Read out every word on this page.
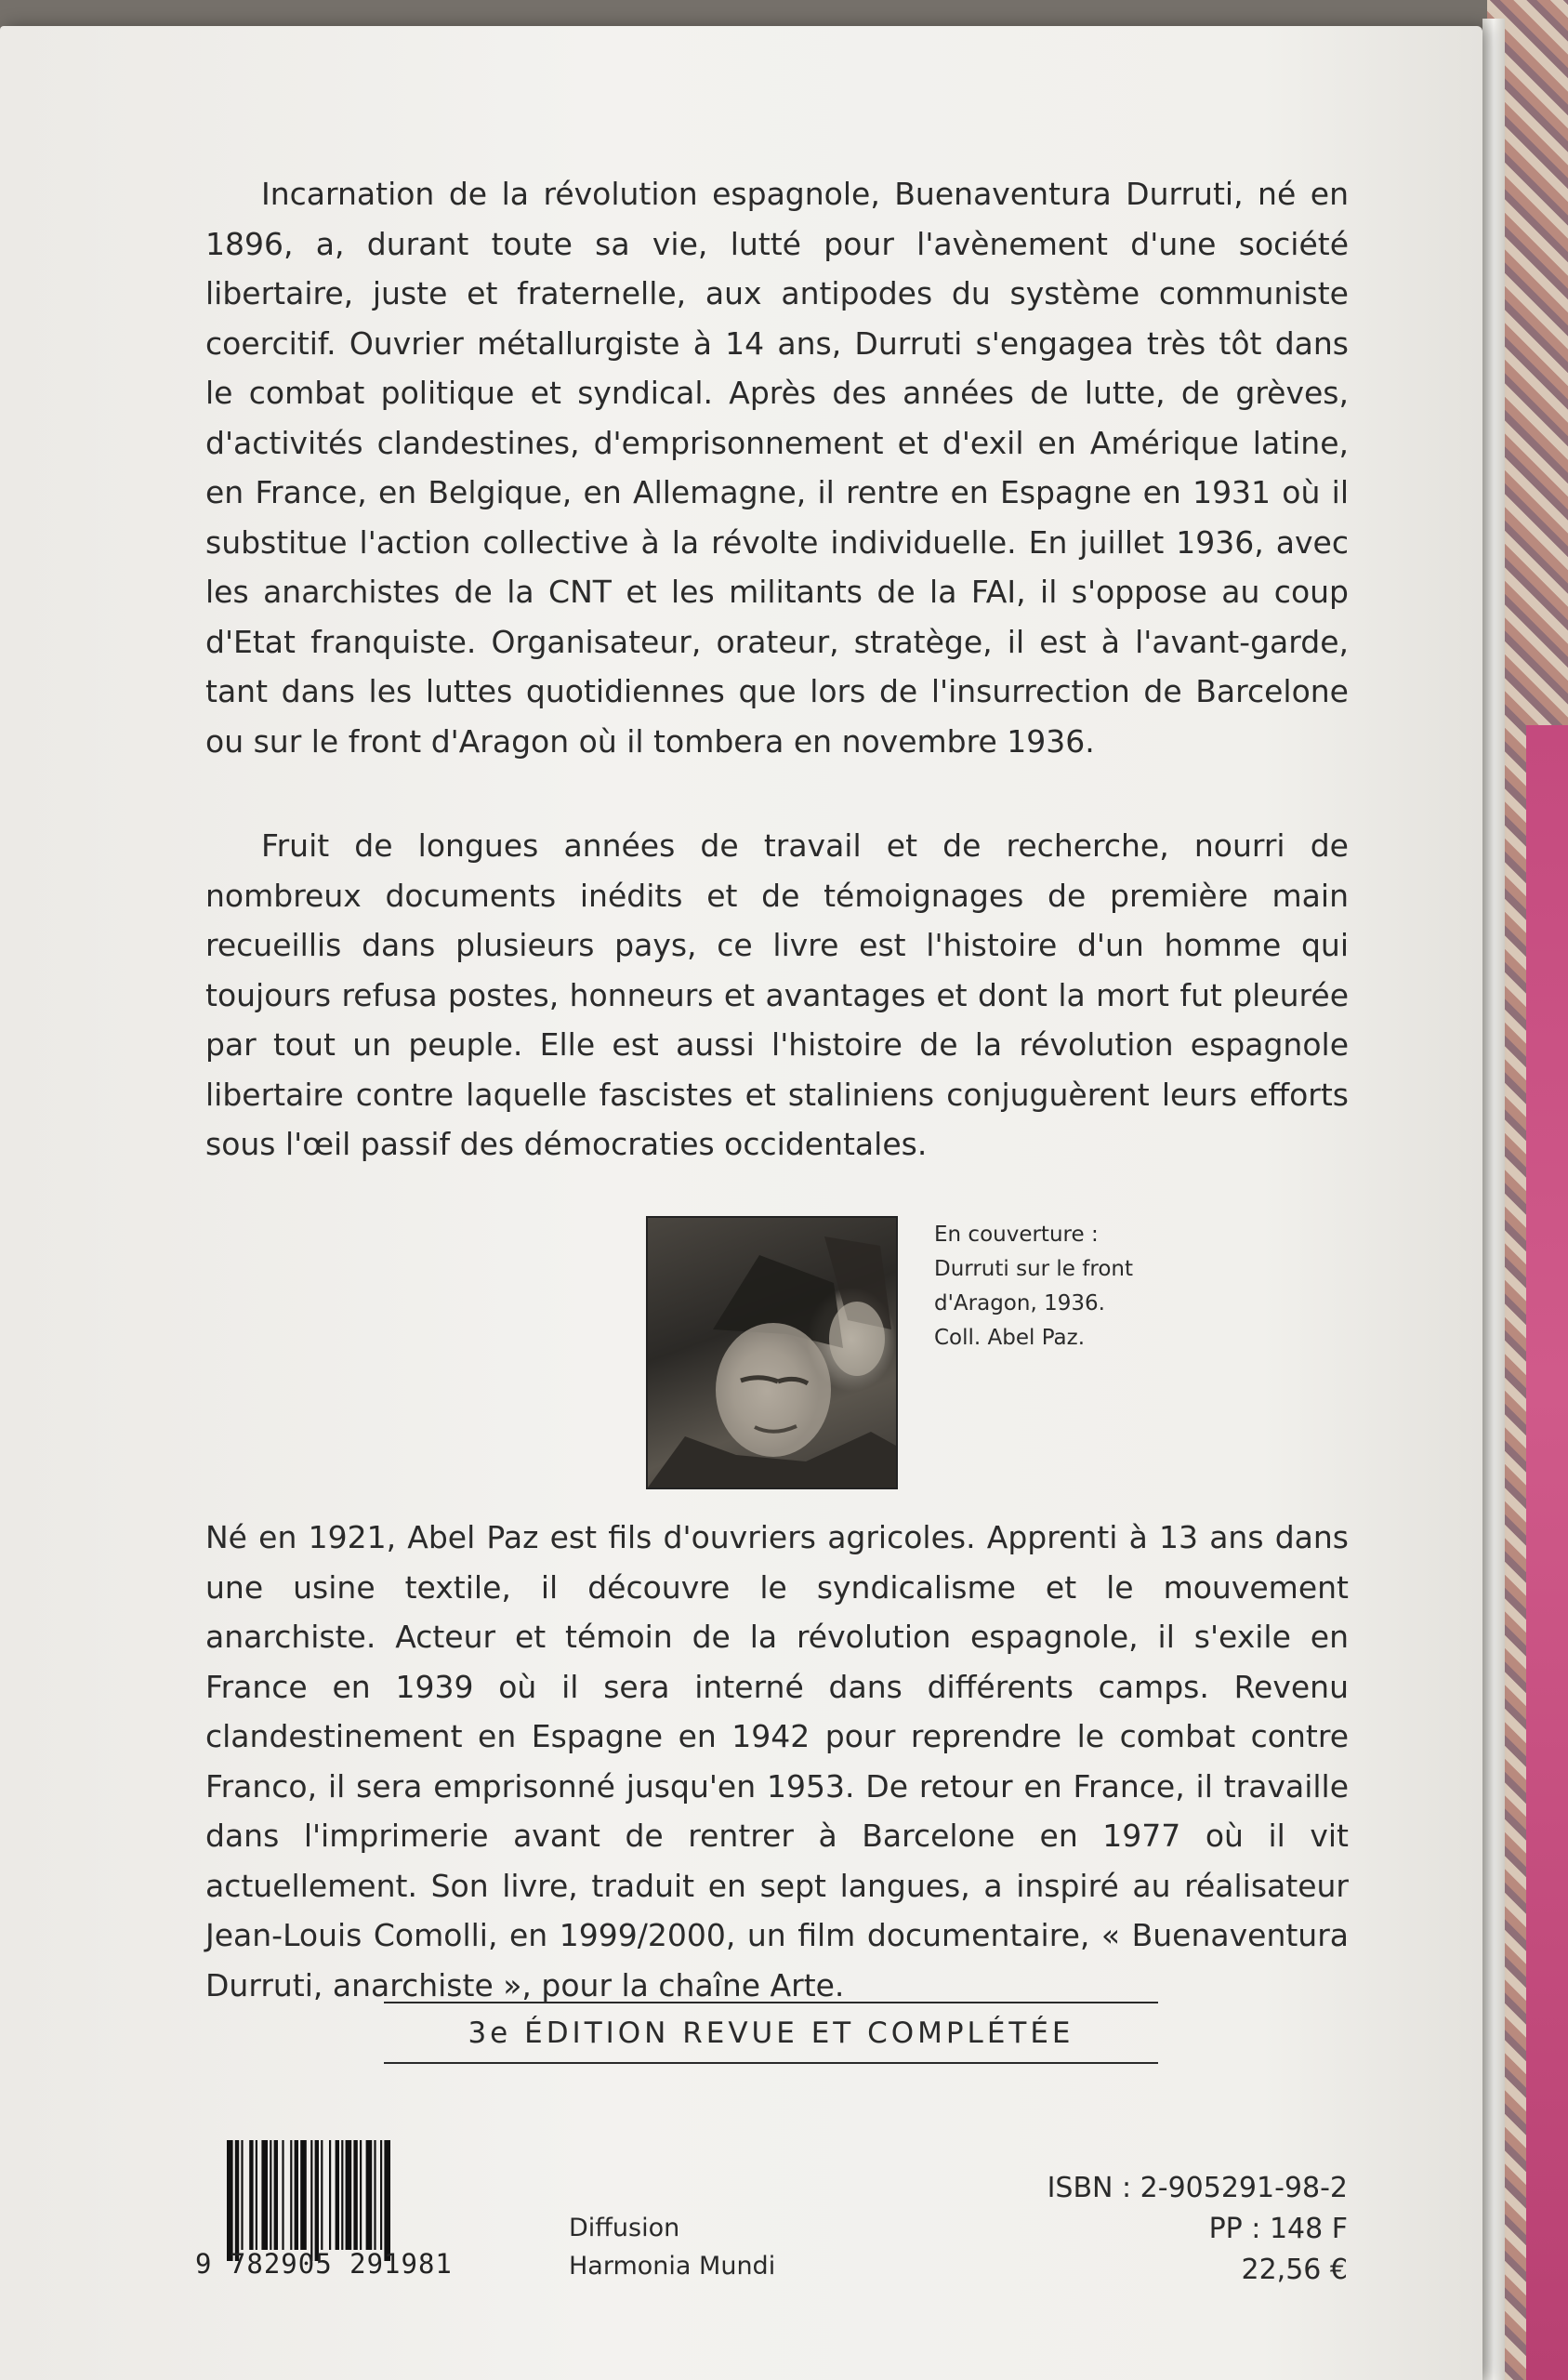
Incarnation de la révolution espagnole, Buenaventura Durruti, né en 1896, a, durant toute sa vie, lutté pour l'avènement d'une société libertaire, juste et fraternelle, aux antipodes du système communiste coercitif. Ouvrier métallurgiste à 14 ans, Durruti s'engagea très tôt dans le combat politique et syndical. Après des années de lutte, de grèves, d'activités clandestines, d'emprisonnement et d'exil en Amérique latine, en France, en Belgique, en Allemagne, il rentre en Espagne en 1931 où il substitue l'action collective à la révolte individuelle. En juillet 1936, avec les anarchistes de la CNT et les militants de la FAI, il s'oppose au coup d'Etat franquiste. Organisateur, orateur, stratège, il est à l'avant-garde, tant dans les luttes quotidiennes que lors de l'insurrection de Barcelone ou sur le front d'Aragon où il tombera en novembre 1936.

Fruit de longues années de travail et de recherche, nourri de nombreux documents inédits et de témoignages de première main recueillis dans plusieurs pays, ce livre est l'histoire d'un homme qui toujours refusa postes, honneurs et avantages et dont la mort fut pleurée par tout un peuple. Elle est aussi l'histoire de la révolution espagnole libertaire contre laquelle fascistes et staliniens conjuguèrent leurs efforts sous l'œil passif des démocraties occidentales.

En couverture :
Durruti sur le front
d'Aragon, 1936.
Coll. Abel Paz.

Né en 1921, Abel Paz est fils d'ouvriers agricoles. Apprenti à 13 ans dans une usine textile, il découvre le syndicalisme et le mouvement anarchiste. Acteur et témoin de la révolution espagnole, il s'exile en France en 1939 où il sera interné dans différents camps. Revenu clandestinement en Espagne en 1942 pour reprendre le combat contre Franco, il sera emprisonné jusqu'en 1953. De retour en France, il travaille dans l'imprimerie avant de rentrer à Barcelone en 1977 où il vit actuellement. Son livre, traduit en sept langues, a inspiré au réalisateur Jean-Louis Comolli, en 1999/2000, un film documentaire, « Buenaventura Durruti, anarchiste », pour la chaîne Arte.

3e ÉDITION REVUE ET COMPLÉTÉE
9 782905 291981
Diffusion
Harmonia Mundi
ISBN : 2-905291-98-2
PP : 148 F
22,56 €
